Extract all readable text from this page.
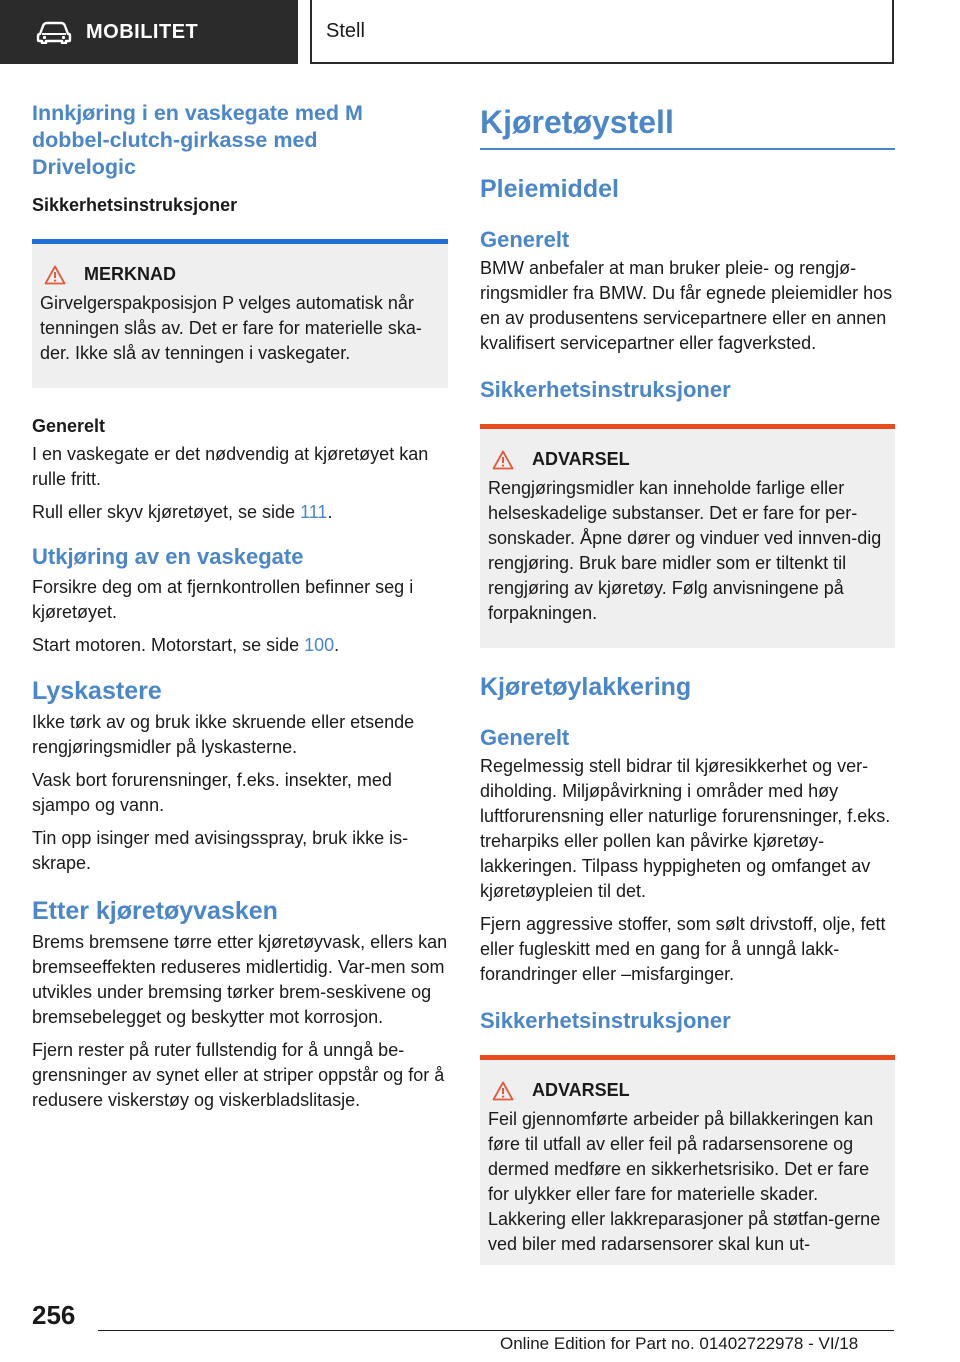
MOBILITET	Stell
Innkjøring i en vaskegate med M dobbel-clutch-girkasse med Drivelogic
Sikkerhetsinstruksjoner
MERKNAD

Girvelgerspakposisjon P velges automatisk når tenningen slås av. Det er fare for materielle ska-der. Ikke slå av tenningen i vaskegater.

Generelt

I en vaskegate er det nødvendig at kjøretøyet kan rulle fritt.

Rull eller skyv kjøretøyet, se side 111.

Utkjøring av en vaskegate

Forsikre deg om at fjernkontrollen befinner seg i kjøretøyet.

Start motoren. Motorstart, se side 100.

Lyskastere

Ikke tørk av og bruk ikke skruende eller etsende rengjøringsmidler på lyskasterne.

Vask bort forurensninger, f.eks. insekter, med sjampo og vann.

Tin opp isinger med avisingsspray, bruk ikke is-skrape.

Etter kjøretøyvasken

Brems bremsene tørre etter kjøretøyvask, ellers kan bremseeffekten reduseres midlertidig. Var-men som utvikles under bremsing tørker brem-seskivene og bremsebelegget og beskytter mot korrosjon.

Fjern rester på ruter fullstendig for å unngå be-grensninger av synet eller at striper oppstår og for å redusere viskerstøy og viskerbladslitasje.

Kjøretøystell
Pleiemiddel
Generelt

BMW anbefaler at man bruker pleie- og rengjø-ringsmidler fra BMW. Du får egnede pleiemidler hos en av produsentens servicepartnere eller en annen kvalifisert servicepartner eller fagverksted.

Sikkerhetsinstruksjoner
ADVARSEL

Rengjøringsmidler kan inneholde farlige eller helseskadelige substanser. Det er fare for per-sonskader. Åpne dører og vinduer ved innven-dig rengjøring. Bruk bare midler som er tiltenkt til rengjøring av kjøretøy. Følg anvisningene på forpakningen.

Kjøretøylakkering
Generelt

Regelmessig stell bidrar til kjøresikkerhet og ver-diholding. Miljøpåvirkning i områder med høy luftforurensning eller naturlige forurensninger, f.eks. treharpiks eller pollen kan påvirke kjøretøy-lakkeringen. Tilpass hyppigheten og omfanget av kjøretøypleien til det.

Fjern aggressive stoffer, som sølt drivstoff, olje, fett eller fugleskitt med en gang for å unngå lakk-forandringer eller –misfarginger.

Sikkerhetsinstruksjoner
ADVARSEL

Feil gjennomførte arbeider på billakkeringen kan føre til utfall av eller feil på radarsensorene og dermed medføre en sikkerhetsrisiko. Det er fare for ulykker eller fare for materielle skader. Lakkering eller lakkreparasjoner på støtfan-gerne ved biler med radarsensorer skal kun ut-

256
Online Edition for Part no. 01402722978 - VI/18
